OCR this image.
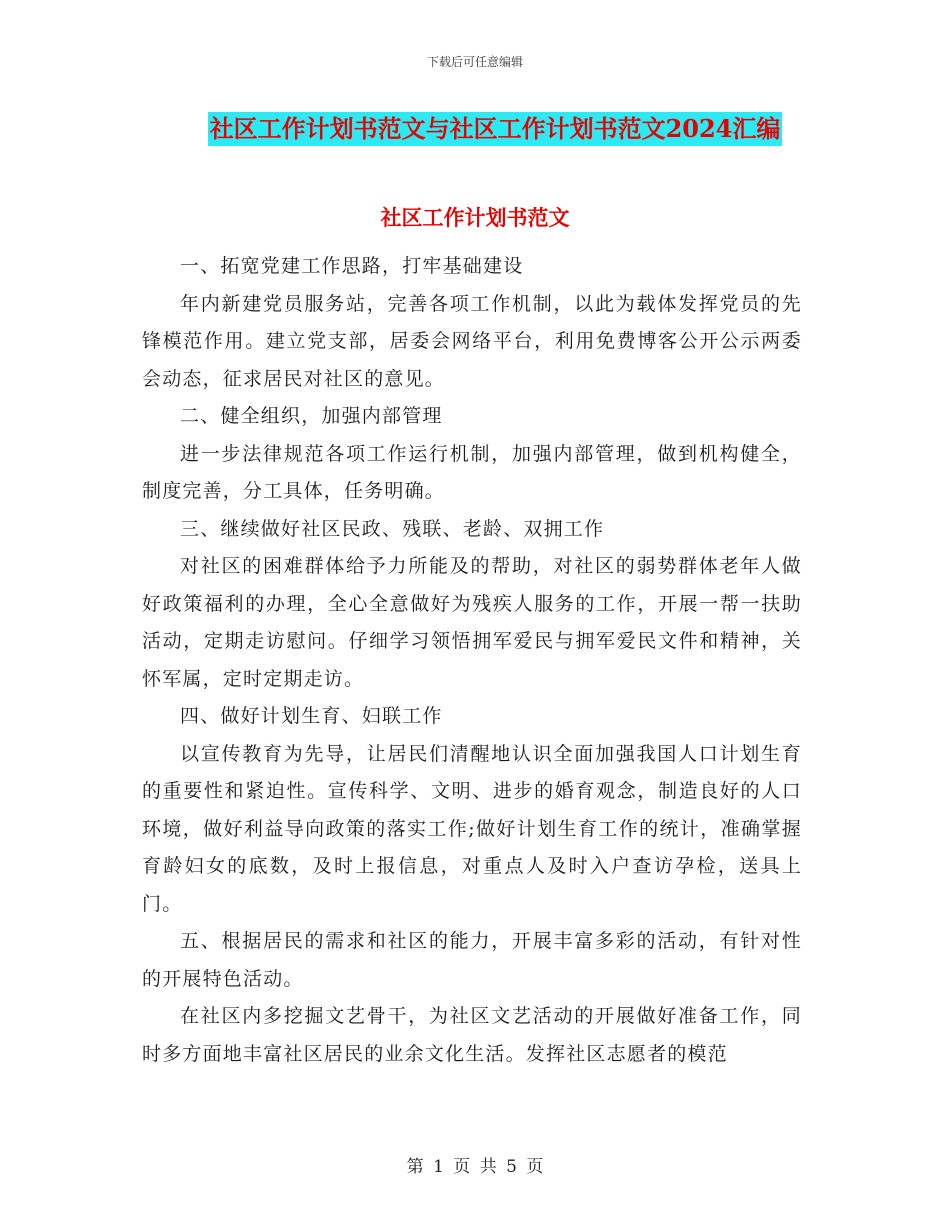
下载后可任意编辑
社区工作计划书范文与社区工作计划书范文2024汇编
社区工作计划书范文

一、拓宽党建工作思路，打牢基础建设

年内新建党员服务站，完善各项工作机制，以此为载体发挥党员的先锋模范作用。建立党支部，居委会网络平台，利用免费博客公开公示两委会动态，征求居民对社区的意见。

二、健全组织，加强内部管理

进一步法律规范各项工作运行机制，加强内部管理，做到机构健全，制度完善，分工具体，任务明确。

三、继续做好社区民政、残联、老龄、双拥工作

对社区的困难群体给予力所能及的帮助，对社区的弱势群体老年人做好政策福利的办理，全心全意做好为残疾人服务的工作，开展一帮一扶助活动，定期走访慰问。仔细学习领悟拥军爱民与拥军爱民文件和精神，关怀军属，定时定期走访。

四、做好计划生育、妇联工作

以宣传教育为先导，让居民们清醒地认识全面加强我国人口计划生育的重要性和紧迫性。宣传科学、文明、进步的婚育观念，制造良好的人口环境，做好利益导向政策的落实工作;做好计划生育工作的统计，准确掌握育龄妇女的底数，及时上报信息，对重点人及时入户查访孕检，送具上门。

五、根据居民的需求和社区的能力，开展丰富多彩的活动，有针对性的开展特色活动。

在社区内多挖掘文艺骨干，为社区文艺活动的开展做好准备工作，同时多方面地丰富社区居民的业余文化生活。发挥社区志愿者的模范

第 1 页 共 5 页
